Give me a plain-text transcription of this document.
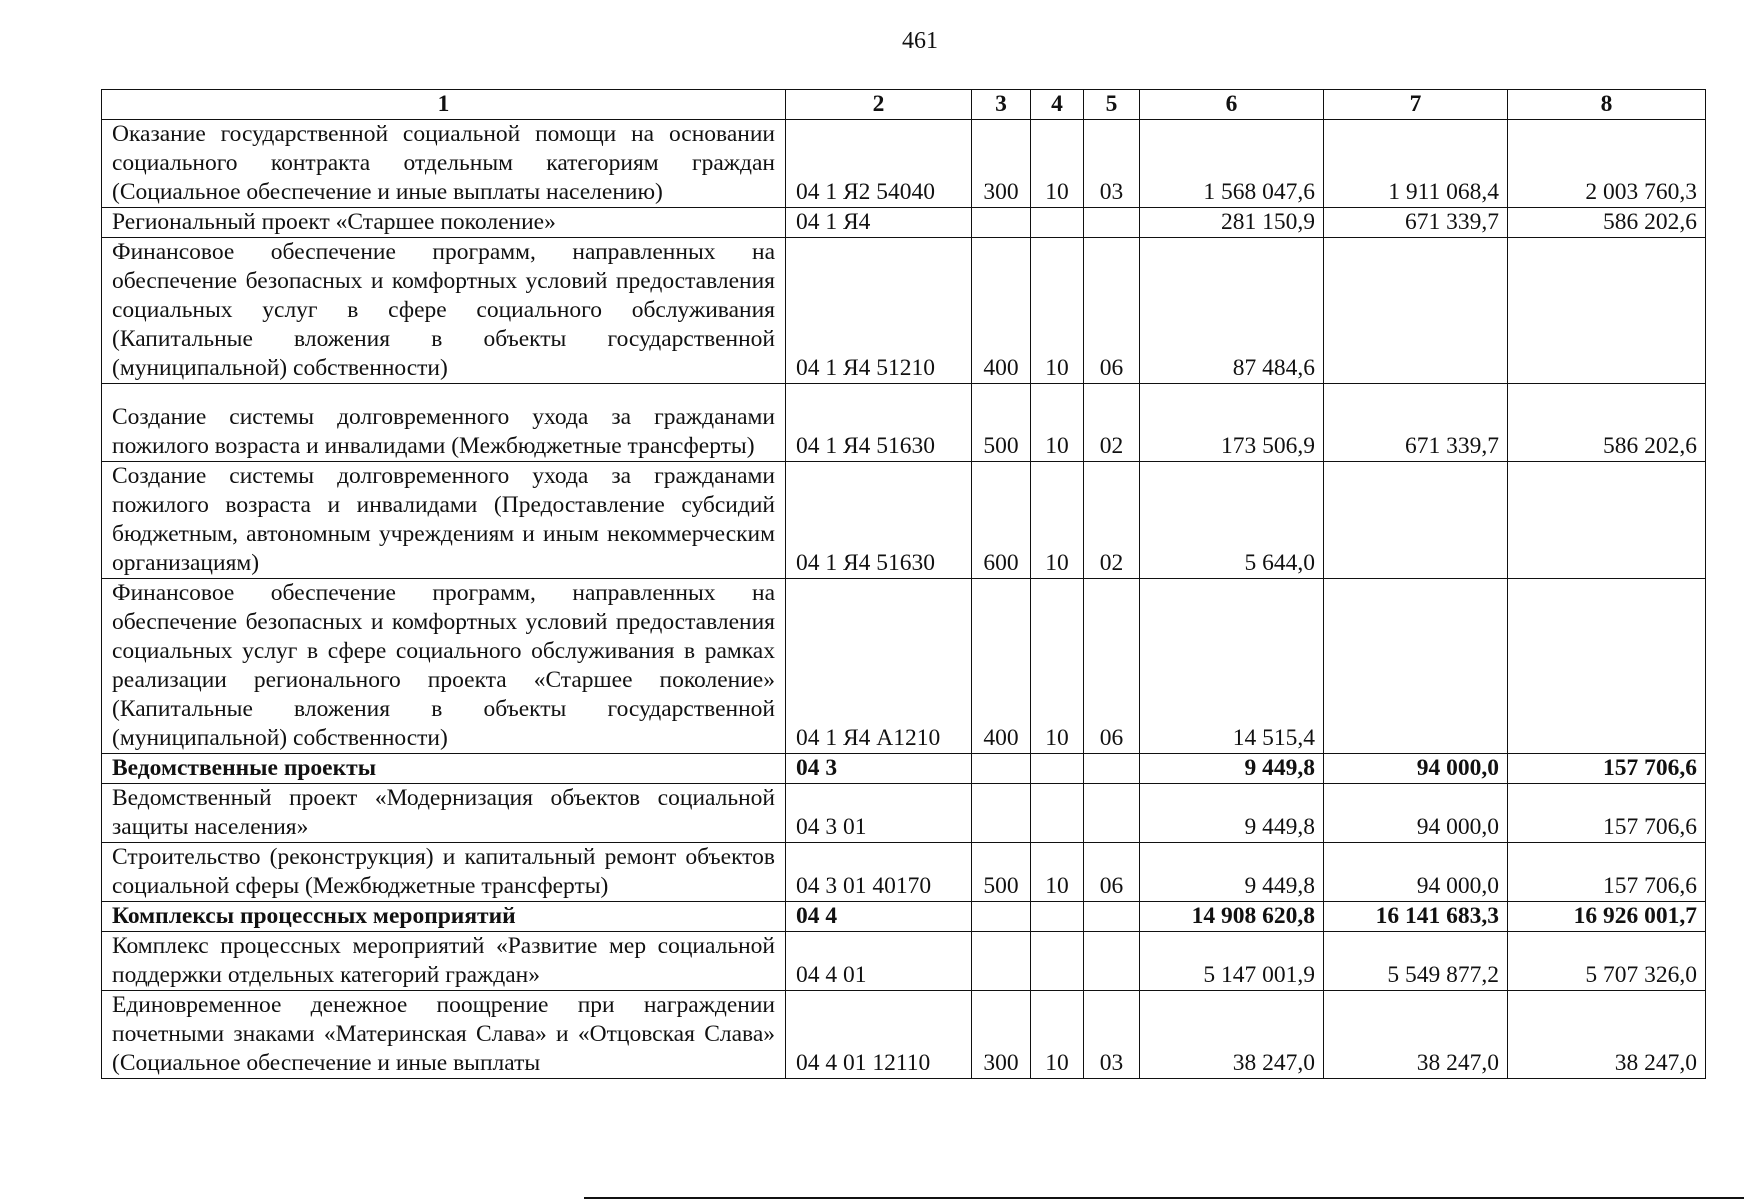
461
1	2	3	4	5	6	7	8
Оказание государственной социальной помощи на основании социального контракта отдельным категориям граждан (Социальное обеспечение и иные выплаты населению)	04 1 Я2 54040	300	10	03	1 568 047,6	1 911 068,4	2 003 760,3
Региональный проект «Старшее поколение»	04 1 Я4				281 150,9	671 339,7	586 202,6
Финансовое обеспечение программ, направленных на обеспечение безопасных и комфортных условий предоставления социальных услуг в сфере социального обслуживания (Капитальные вложения в объекты государственной (муниципальной) собственности)	04 1 Я4 51210	400	10	06	87 484,6		
Создание системы долговременного ухода за гражданами пожилого возраста и инвалидами (Межбюджетные трансферты)	04 1 Я4 51630	500	10	02	173 506,9	671 339,7	586 202,6
Создание системы долговременного ухода за гражданами пожилого возраста и инвалидами (Предоставление субсидий бюджетным, автономным учреждениям и иным некоммерческим организациям)	04 1 Я4 51630	600	10	02	5 644,0		
Финансовое обеспечение программ, направленных на обеспечение безопасных и комфортных условий предоставления социальных услуг в сфере социального обслуживания в рамках реализации регионального проекта «Старшее поколение» (Капитальные вложения в объекты государственной (муниципальной) собственности)	04 1 Я4 А1210	400	10	06	14 515,4		
Ведомственные проекты	04 3				9 449,8	94 000,0	157 706,6
Ведомственный проект «Модернизация объектов социальной защиты населения»	04 3 01				9 449,8	94 000,0	157 706,6
Строительство (реконструкция) и капитальный ремонт объектов социальной сферы (Межбюджетные трансферты)	04 3 01 40170	500	10	06	9 449,8	94 000,0	157 706,6
Комплексы процессных мероприятий	04 4				14 908 620,8	16 141 683,3	16 926 001,7
Комплекс процессных мероприятий «Развитие мер социальной поддержки отдельных категорий граждан»	04 4 01				5 147 001,9	5 549 877,2	5 707 326,0
Единовременное денежное поощрение при награждении почетными знаками «Материнская Слава» и «Отцовская Слава» (Социальное обеспечение и иные выплаты	04 4 01 12110	300	10	03	38 247,0	38 247,0	38 247,0
